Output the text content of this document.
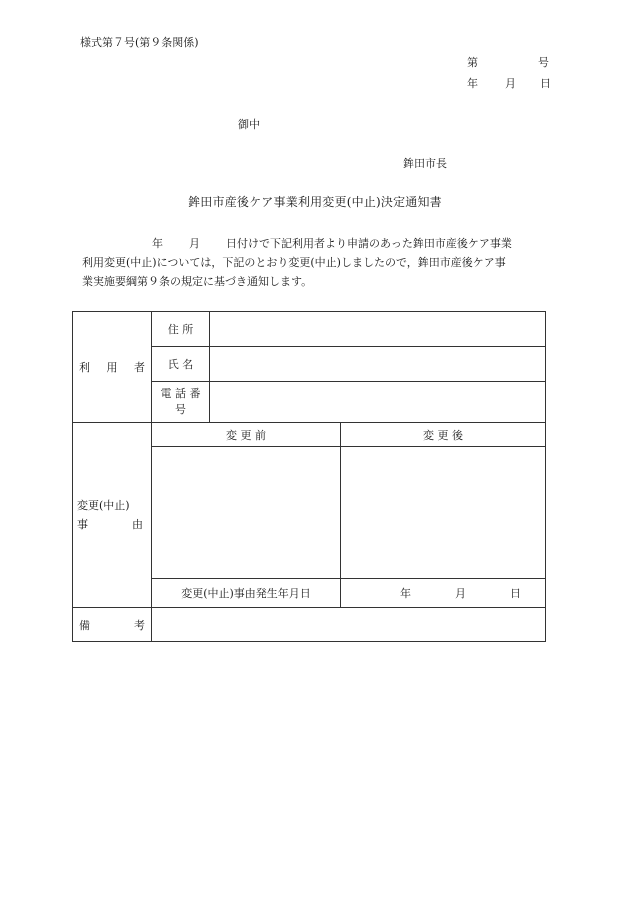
様式第７号(第９条関係)
第	号
年 月 日
御中
鉾田市長
鉾田市産後ケア事業利用変更(中止)決定通知書
年 月 日付けで下記利用者より申請のあった鉾田市産後ケア事業
利用変更(中止)については，下記のとおり変更(中止)しましたので，鉾田市産後ケア事
業実施要綱第９条の規定に基づき通知します。
利 用 者	住 所		
	氏 名		
	電 話 番 号		

変更(中止)
事 由	変 更 前		変 更 後

	変更(中止)事由発生年月日		年 月 日

備 考			
